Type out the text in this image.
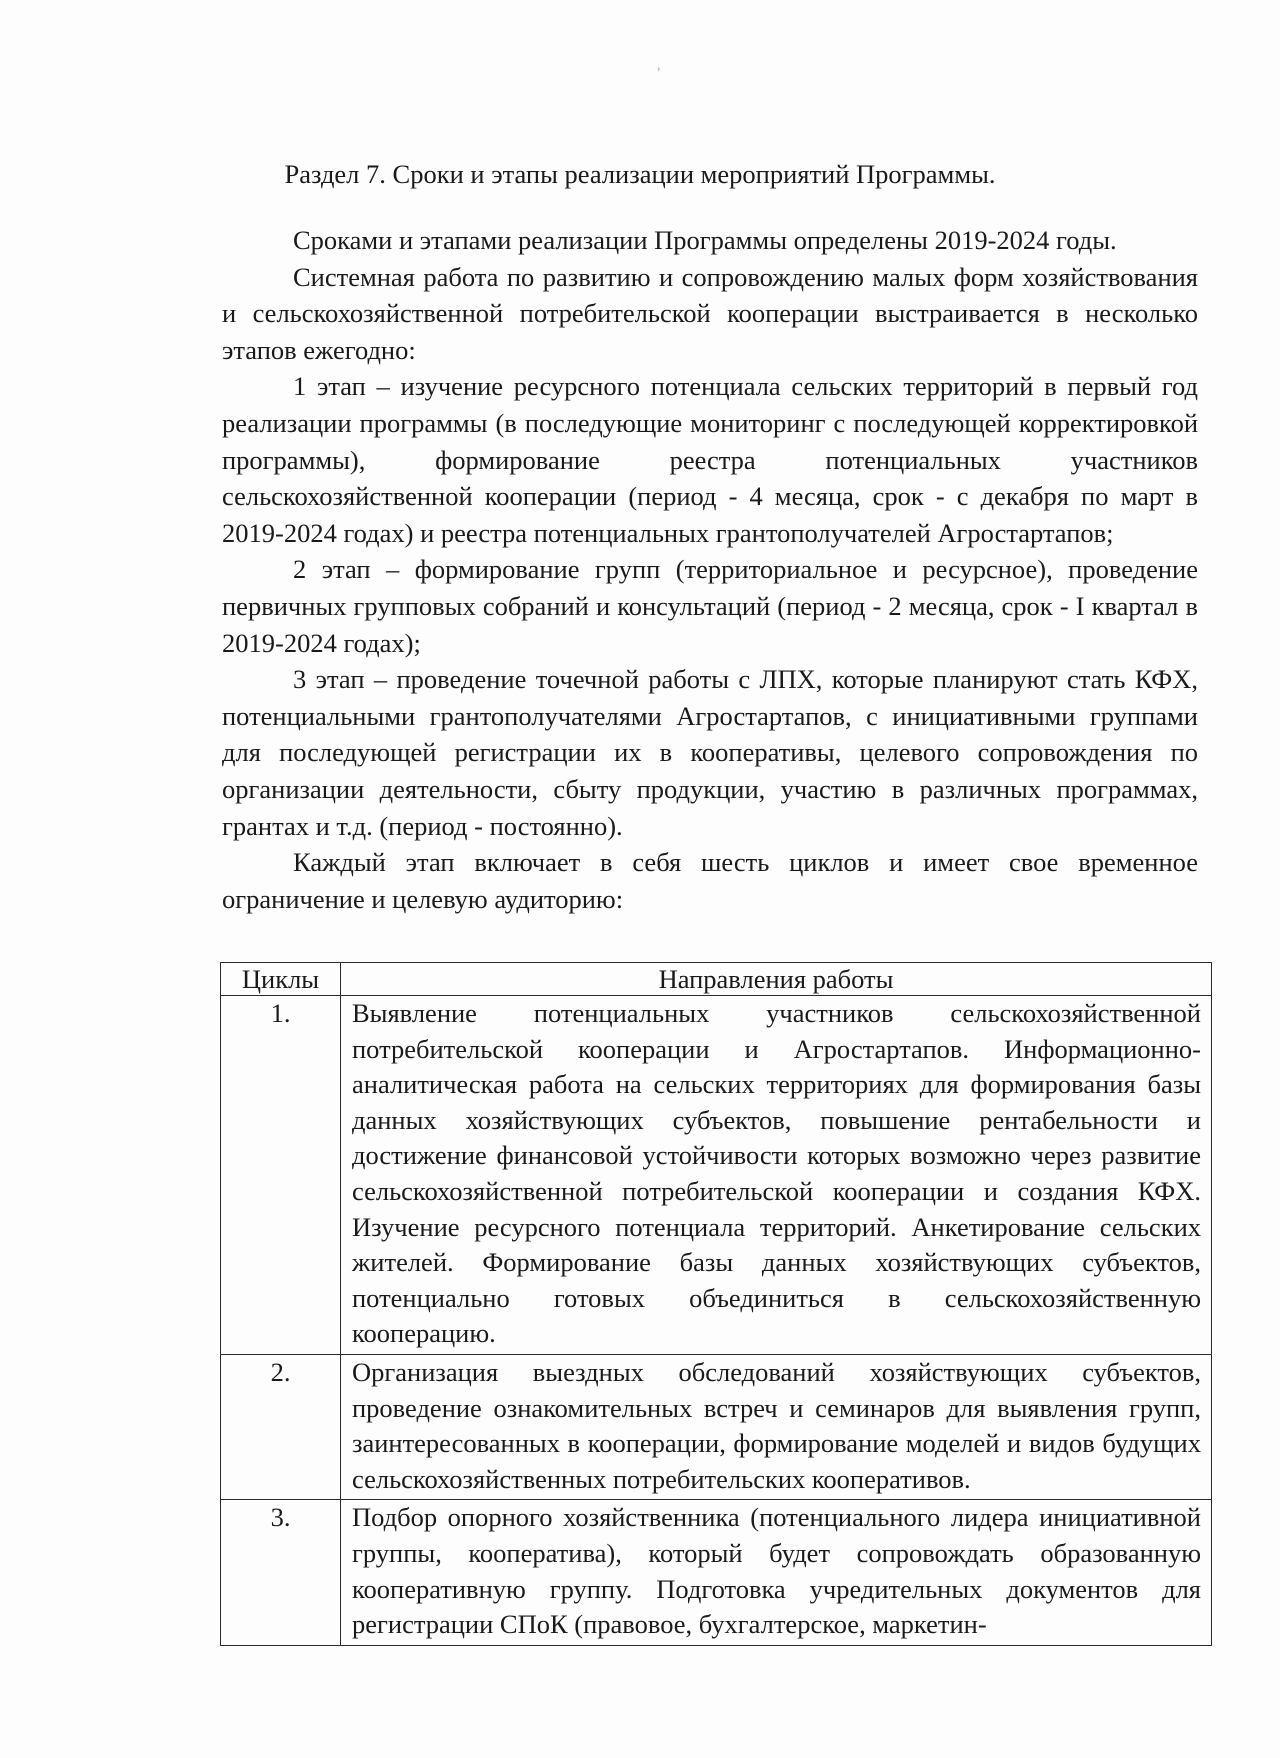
ʾ
Раздел 7. Сроки и этапы реализации мероприятий Программы.

Сроками и этапами реализации Программы определены 2019-2024 годы.

Системная работа по развитию и сопровождению малых форм хозяйствования и сельскохозяйственной потребительской кооперации выстраивается в несколько этапов ежегодно:

1 этап – изучение ресурсного потенциала сельских территорий в первый год реализации программы (в последующие мониторинг с последующей корректировкой программы), формирование реестра потенциальных участников сельскохозяйственной кооперации (период - 4 месяца, срок - с декабря по март в 2019-2024 годах) и реестра потенциальных грантополучателей Агростартапов;

2 этап – формирование групп (территориальное и ресурсное), проведение первичных групповых собраний и консультаций (период - 2 месяца, срок - I квартал в 2019-2024 годах);

3 этап – проведение точечной работы с ЛПХ, которые планируют стать КФХ, потенциальными грантополучателями Агростартапов, с инициативными группами для последующей регистрации их в кооперативы, целевого сопровождения по организации деятельности, сбыту продукции, участию в различных программах, грантах и т.д. (период - постоянно).

Каждый этап включает в себя шесть циклов и имеет свое временное ограничение и целевую аудиторию:

Циклы	Направления работы
1.	Выявление потенциальных участников сельскохозяйственной потребительской кооперации и Агростартапов. Информационно-аналитическая работа на сельских территориях для формирования базы данных хозяйствующих субъектов, повышение рентабельности и достижение финансовой устойчивости которых возможно через развитие сельскохозяйственной потребительской кооперации и создания КФХ. Изучение ресурсного потенциала территорий. Анкетирование сельских жителей. Формирование базы данных хозяйствующих субъектов, потенциально готовых объединиться в сельскохозяйственную кооперацию.
2.	Организация выездных обследований хозяйствующих субъектов, проведение ознакомительных встреч и семинаров для выявления групп, заинтересованных в кооперации, формирование моделей и видов будущих сельскохозяйственных потребительских кооперативов.
3.	Подбор опорного хозяйственника (потенциального лидера инициативной группы, кооператива), который будет сопровождать образованную кооперативную группу. Подготовка учредительных документов для регистрации СПоК (правовое, бухгалтерское, маркетин-
